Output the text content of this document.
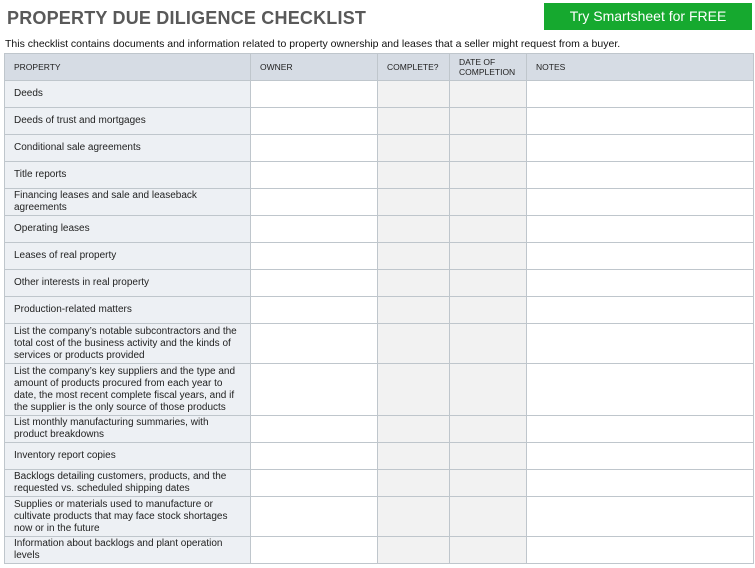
PROPERTY DUE DILIGENCE CHECKLIST	Try Smartsheet for FREE
This checklist contains documents and information related to property ownership and leases that a seller might request from a buyer.
PROPERTY	OWNER	COMPLETE?	DATE OF COMPLETION	NOTES
Deeds				
Deeds of trust and mortgages				
Conditional sale agreements				
Title reports				
Financing leases and sale and leaseback agreements				
Operating leases				
Leases of real property				
Other interests in real property				
Production-related matters				
List the company’s notable subcontractors and the total cost of the business activity and the kinds of services or products provided				
List the company’s key suppliers and the type and amount of products procured from each year to date, the most recent complete fiscal years, and if the supplier is the only source of those products				
List monthly manufacturing summaries, with product breakdowns				
Inventory report copies				
Backlogs detailing customers, products, and the requested vs. scheduled shipping dates				
Supplies or materials used to manufacture or cultivate products that may face stock shortages now or in the future				
Information about backlogs and plant operation levels				
